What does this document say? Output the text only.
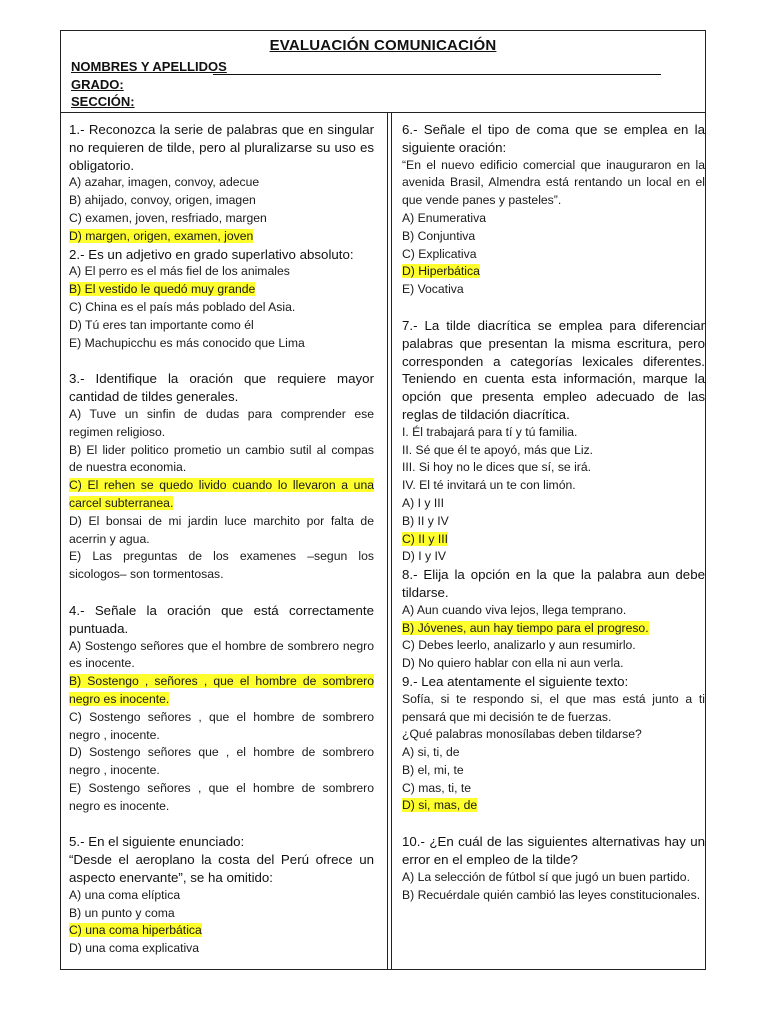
EVALUACIÓN COMUNICACIÓN
NOMBRES Y APELLIDOS
GRADO:
SECCIÓN:

1.- Reconozca la serie de palabras que en singular no requieren de tilde, pero al pluralizarse su uso es obligatorio.

A) azahar, imagen, convoy, adecue

B) ahijado, convoy, origen, imagen

C) examen, joven, resfriado, margen

D) margen, origen, examen, joven

2.- Es un adjetivo en grado superlativo absoluto:

A) El perro es el más fiel de los animales

B) El vestido le quedó muy grande

C) China es el país más poblado del Asia.

D) Tú eres tan importante como él

E) Machupicchu es más conocido que Lima

3.- Identifique la oración que requiere mayor cantidad de tildes generales.

A) Tuve un sinfin de dudas para comprender ese regimen religioso.

B) El lider politico prometio un cambio sutil al compas de nuestra economia.

C) El rehen se quedo livido cuando lo llevaron a una carcel subterranea.

D) El bonsai de mi jardin luce marchito por falta de acerrin y agua.

E) Las preguntas de los examenes –segun los sicologos– son tormentosas.

4.- Señale la oración que está correctamente puntuada.

A) Sostengo señores que el hombre de sombrero negro es inocente.

B) Sostengo , señores , que el hombre de sombrero negro es inocente.

C) Sostengo señores , que el hombre de sombrero negro , inocente.

D) Sostengo señores que , el hombre de sombrero negro , inocente.

E) Sostengo señores , que el hombre de sombrero negro es inocente.

5.- En el siguiente enunciado:

“Desde el aeroplano la costa del Perú ofrece un aspecto enervante”, se ha omitido:

A) una coma elíptica

B) un punto y coma

C) una coma hiperbática

D) una coma explicativa

6.- Señale el tipo de coma que se emplea en la siguiente oración:

“En el nuevo edificio comercial que inauguraron en la avenida Brasil, Almendra está rentando un local en el que vende panes y pasteles”.

A) Enumerativa

B) Conjuntiva

C) Explicativa

D) Hiperbática

E) Vocativa

7.- La tilde diacrítica se emplea para diferenciar palabras que presentan la misma escritura, pero corresponden a categorías lexicales diferentes. Teniendo en cuenta esta información, marque la opción que presenta empleo adecuado de las reglas de tildación diacrítica.

I. Él trabajará para tí y tú familia.

II. Sé que él te apoyó, más que Liz.

III. Si hoy no le dices que sí, se irá.

IV. El té invitará un te con limón.

A) I y III

B) II y IV

C) II y III

D) I y IV

8.- Elija la opción en la que la palabra aun debe tildarse.

A) Aun cuando viva lejos, llega temprano.

B) Jóvenes, aun hay tiempo para el progreso.

C) Debes leerlo, analizarlo y aun resumirlo.

D) No quiero hablar con ella ni aun verla.

9.- Lea atentamente el siguiente texto:

Sofía, si te respondo si, el que mas está junto a ti pensará que mi decisión te de fuerzas.

¿Qué palabras monosílabas deben tildarse?

A) si, ti, de

B) el, mi, te

C) mas, ti, te

D) si, mas, de

10.- ¿En cuál de las siguientes alternativas hay un error en el empleo de la tilde?

A) La selección de fútbol sí que jugó un buen partido.

B) Recuérdale quién cambió las leyes constitucionales.
